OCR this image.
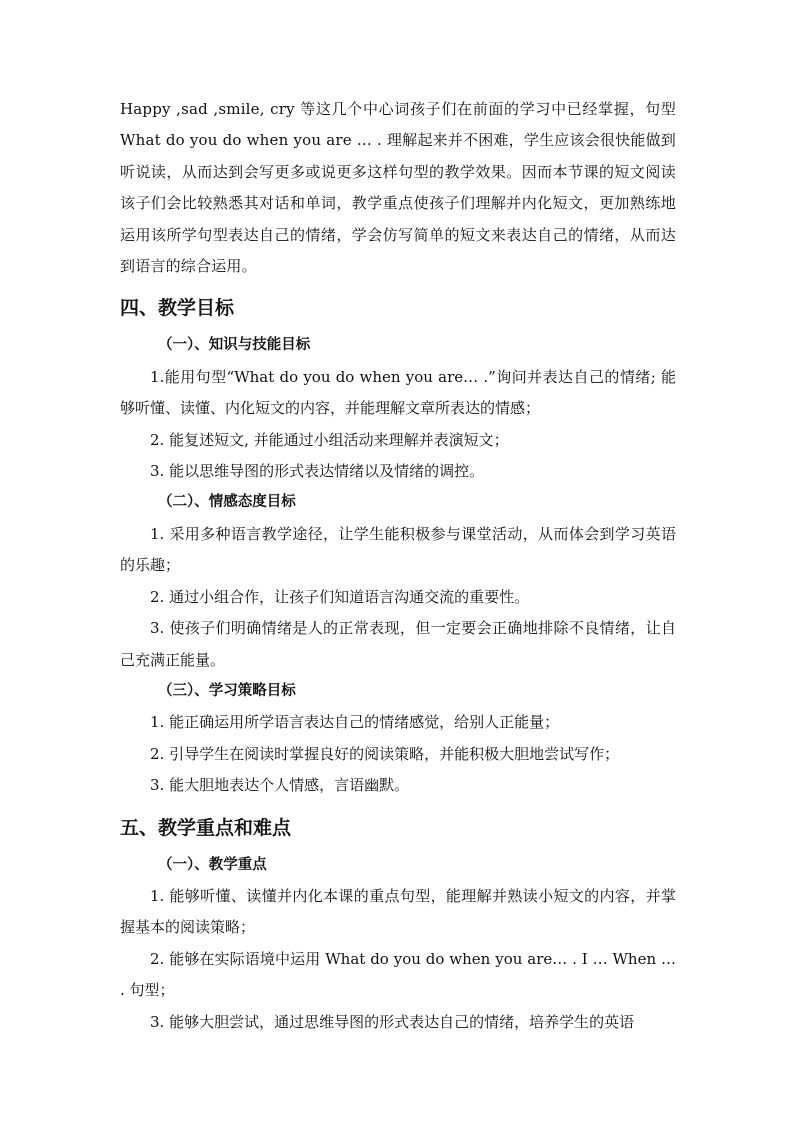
Happy ,sad ,smile, cry 等这几个中心词孩子们在前面的学习中已经掌握，句型What do you do when you are … . 理解起来并不困难，学生应该会很快能做到听说读，从而达到会写更多或说更多这样句型的教学效果。因而本节课的短文阅读该子们会比较熟悉其对话和单词，教学重点使孩子们理解并内化短文，更加熟练地运用该所学句型表达自己的情绪，学会仿写简单的短文来表达自己的情绪，从而达到语言的综合运用。

四、教学目标
（一）、知识与技能目标

1.能用句型“What do you do when you are… .”询问并表达自己的情绪; 能够听懂、读懂、内化短文的内容，并能理解文章所表达的情感；

2. 能复述短文, 并能通过小组活动来理解并表演短文；

3. 能以思维导图的形式表达情绪以及情绪的调控。

（二）、情感态度目标

1. 采用多种语言教学途径，让学生能积极参与课堂活动，从而体会到学习英语的乐趣；

2. 通过小组合作，让孩子们知道语言沟通交流的重要性。

3. 使孩子们明确情绪是人的正常表现，但一定要会正确地排除不良情绪，让自己充满正能量。

（三）、学习策略目标

1. 能正确运用所学语言表达自己的情绪感觉，给别人正能量；

2. 引导学生在阅读时掌握良好的阅读策略，并能积极大胆地尝试写作；

3. 能大胆地表达个人情感，言语幽默。

五、教学重点和难点
（一）、教学重点

1. 能够听懂、读懂并内化本课的重点句型，能理解并熟读小短文的内容，并掌握基本的阅读策略；

2. 能够在实际语境中运用 What do you do when you are… . I … When … . 句型；

3. 能够大胆尝试，通过思维导图的形式表达自己的情绪，培养学生的英语
